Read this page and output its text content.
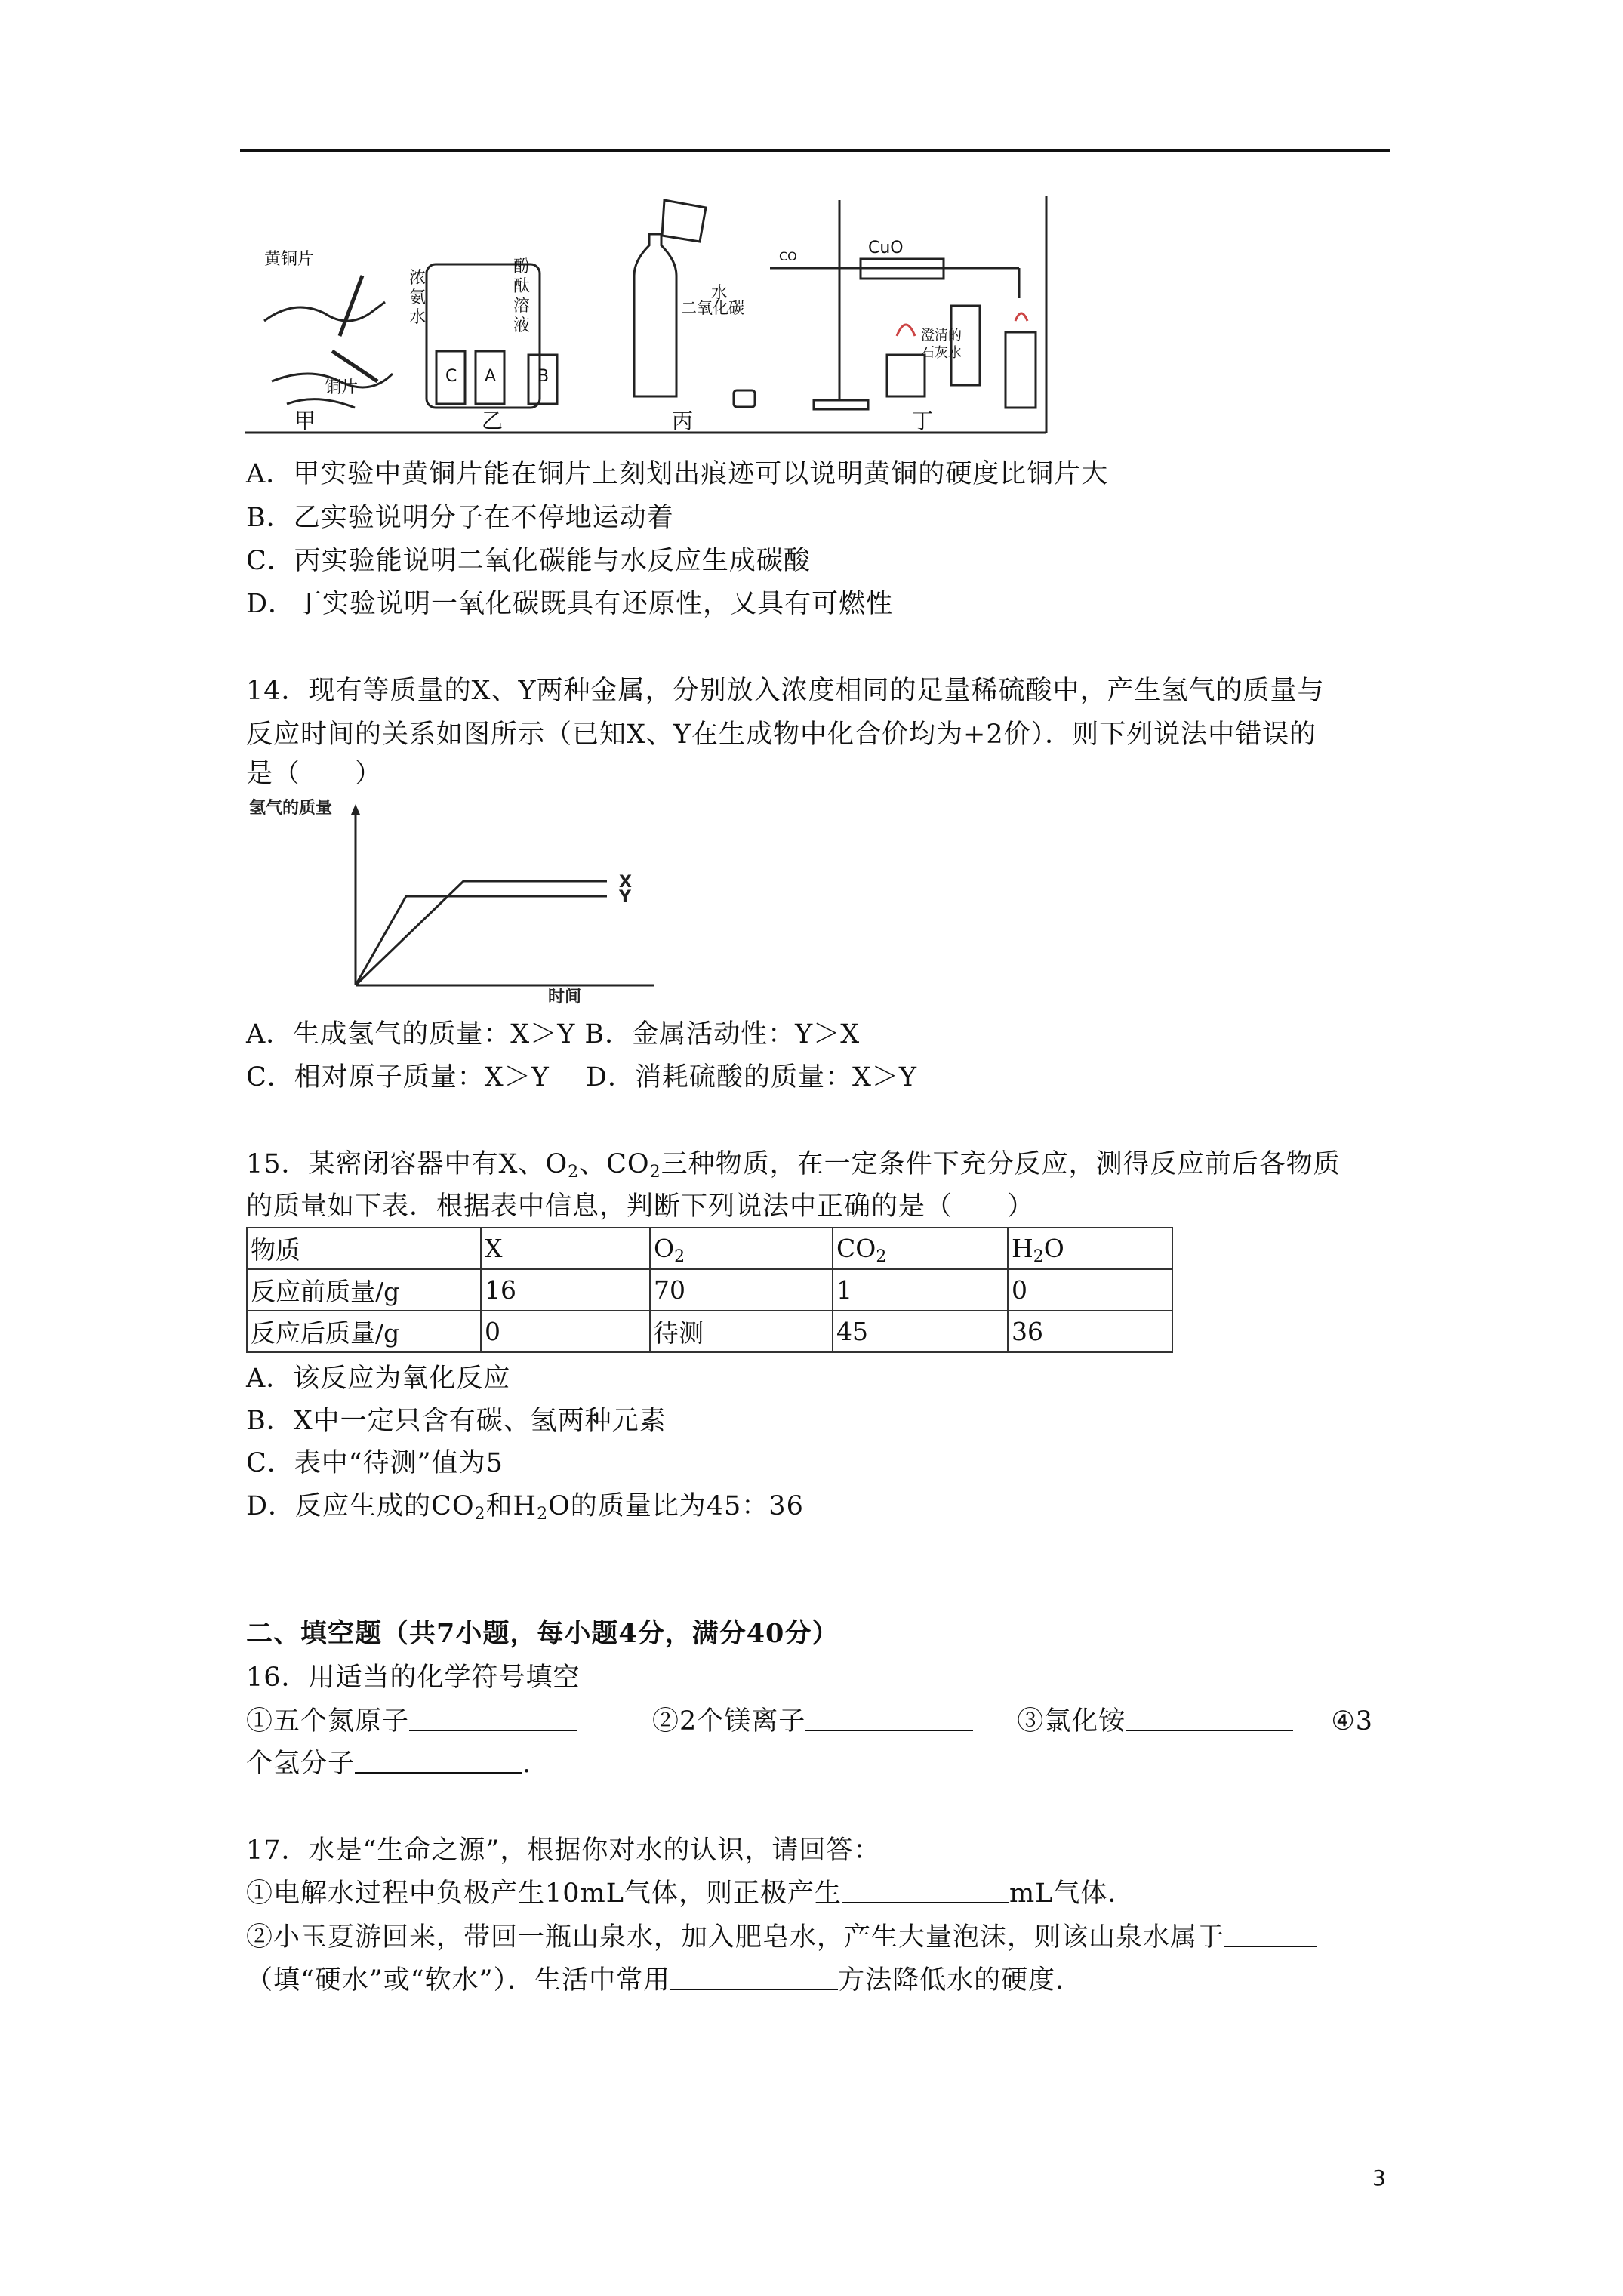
黄铜片
铜片
浓
氨
水
酚
酞
溶
液
C A B
水
二氧化碳
CuO
CO
澄清的
石灰水
甲	乙	丙	丁
A．甲实验中黄铜片能在铜片上刻划出痕迹可以说明黄铜的硬度比铜片大
B．乙实验说明分子在不停地运动着
C．丙实验能说明二氧化碳能与水反应生成碳酸
D．丁实验说明一氧化碳既具有还原性，又具有可燃性
14．现有等质量的X、Y两种金属，分别放入浓度相同的足量稀硫酸中，产生氢气的质量与
反应时间的关系如图所示（已知X、Y在生成物中化合价均为+2价）．则下列说法中错误的
是（　　）
氢气的质量
时间
X
Y
A．生成氢气的质量：X＞Y B．金属活动性：Y＞X
C．相对原子质量：X＞Y　 D．消耗硫酸的质量：X＞Y
15．某密闭容器中有X、$O_2$、$CO_2$三种物质，在一定条件下充分反应，测得反应前后各物质
的质量如下表．根据表中信息，判断下列说法中正确的是（　　）
物质	X	$O_2$	$CO_2$	$H_2O$
反应前质量/g	16	70	1	0
反应后质量/g	0	待测	45	36
A．该反应为氧化反应
B．X中一定只含有碳、氢两种元素
C．表中“待测”值为5
D．反应生成的$CO_2$和$H_2O$的质量比为45：36
二、填空题（共7小题，每小题4分，满分40分）
16．用适当的化学符号填空
①五个氮原子	②2个镁离子	③氯化铵	④3
个氢分子	.
17．水是“生命之源”，根据你对水的认识，请回答：
①电解水过程中负极产生10mL气体，则正极产生	mL气体．
②小玉夏游回来，带回一瓶山泉水，加入肥皂水，产生大量泡沫，则该山泉水属于
（填“硬水”或“软水”）．生活中常用	方法降低水的硬度．
3
